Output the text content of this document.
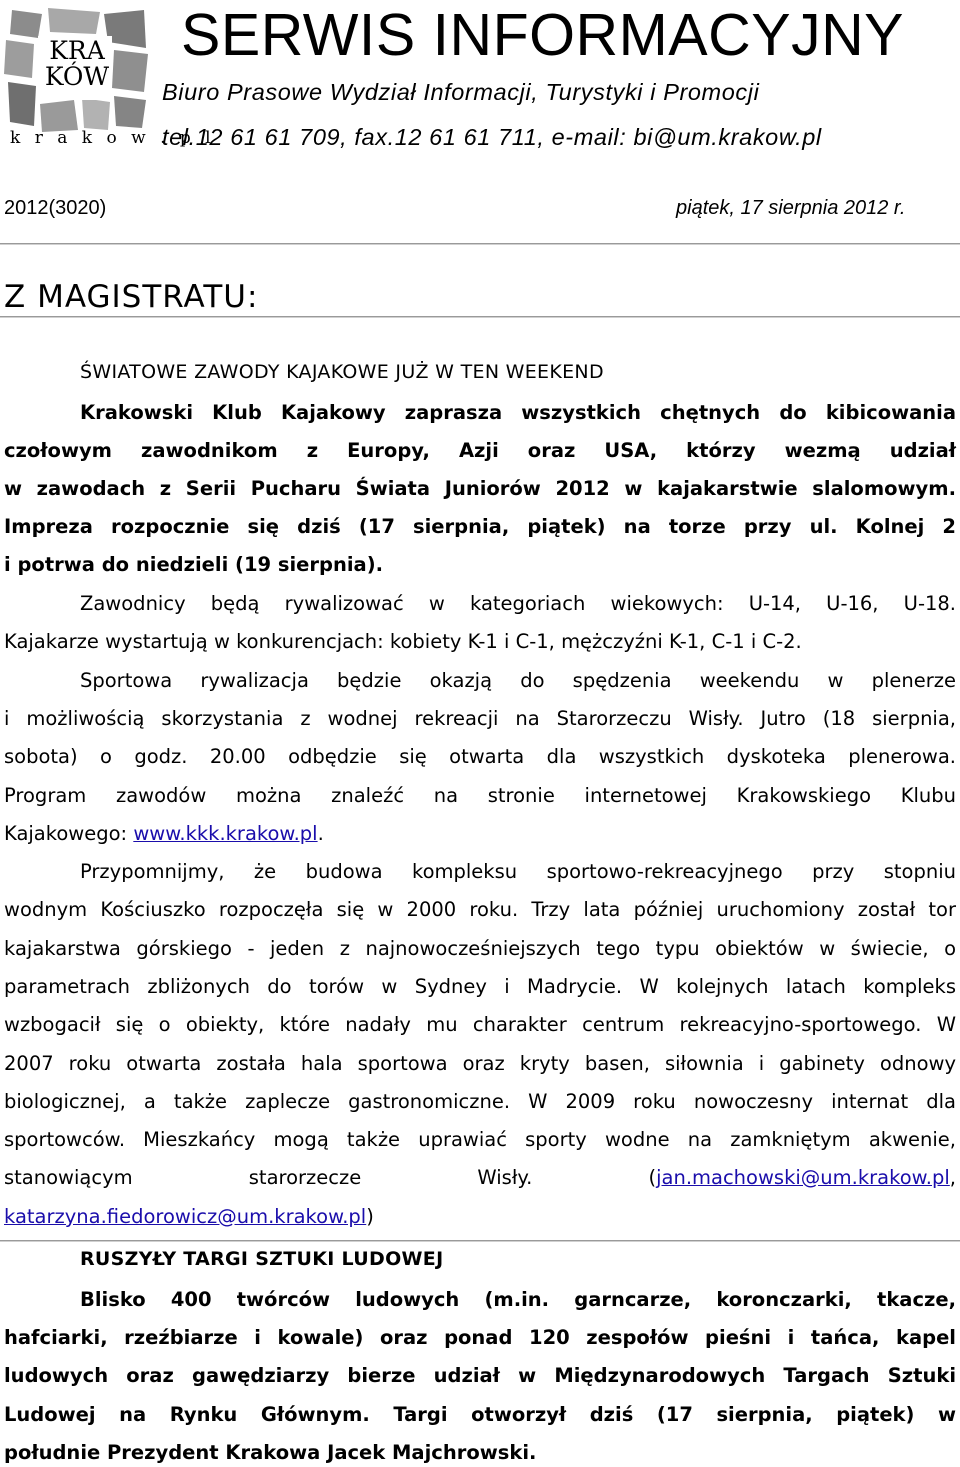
KRA
KÓW
k r a k o w . p l
SERWIS INFORMACYJNY
Biuro Prasowe Wydział Informacji, Turystyki i Promocji
tel.12 61 61 709, fax.12 61 61 711, e-mail: bi@um.krakow.pl
2012(3020)	piątek, 17 sierpnia 2012 r.
Z MAGISTRATU:
ŚWIATOWE ZAWODY KAJAKOWE JUŻ W TEN WEEKEND
Krakowski Klub Kajakowy zaprasza wszystkich chętnych do kibicowania
czołowym zawodnikom z Europy, Azji oraz USA, którzy wezmą udział
w zawodach z Serii Pucharu Świata Juniorów 2012 w kajakarstwie slalomowym.
Impreza rozpocznie się dziś (17 sierpnia, piątek) na torze przy ul. Kolnej 2
i potrwa do niedzieli (19 sierpnia).
Zawodnicy będą rywalizować w kategoriach wiekowych: U-14, U-16, U-18.
Kajakarze wystartują w konkurencjach: kobiety K-1 i C-1, mężczyźni K-1, C-1 i C-2.
Sportowa rywalizacja będzie okazją do spędzenia weekendu w plenerze
i możliwością skorzystania z wodnej rekreacji na Starorzeczu Wisły. Jutro (18 sierpnia,
sobota) o godz. 20.00 odbędzie się otwarta dla wszystkich dyskoteka plenerowa.
Program zawodów można znaleźć na stronie internetowej Krakowskiego Klubu
Kajakowego: www.kkk.krakow.pl.
Przypomnijmy, że budowa kompleksu sportowo-rekreacyjnego przy stopniu
wodnym Kościuszko rozpoczęła się w 2000 roku. Trzy lata później uruchomiony został tor
kajakarstwa górskiego - jeden z najnowocześniejszych tego typu obiektów w świecie, o
parametrach zbliżonych do torów w Sydney i Madrycie. W kolejnych latach kompleks
wzbogacił się o obiekty, które nadały mu charakter centrum rekreacyjno-sportowego. W
2007 roku otwarta została hala sportowa oraz kryty basen, siłownia i gabinety odnowy
biologicznej, a także zaplecze gastronomiczne. W 2009 roku nowoczesny internat dla
sportowców. Mieszkańcy mogą także uprawiać sporty wodne na zamkniętym akwenie,
stanowiącym starorzecze Wisły. (jan.machowski@um.krakow.pl,
katarzyna.fiedorowicz@um.krakow.pl)
RUSZYŁY TARGI SZTUKI LUDOWEJ
Blisko 400 twórców ludowych (m.in. garncarze, koronczarki, tkacze,
hafciarki, rzeźbiarze i kowale) oraz ponad 120 zespołów pieśni i tańca, kapel
ludowych oraz gawędziarzy bierze udział w Międzynarodowych Targach Sztuki
Ludowej na Rynku Głównym. Targi otworzył dziś (17 sierpnia, piątek) w
południe Prezydent Krakowa Jacek Majchrowski.
